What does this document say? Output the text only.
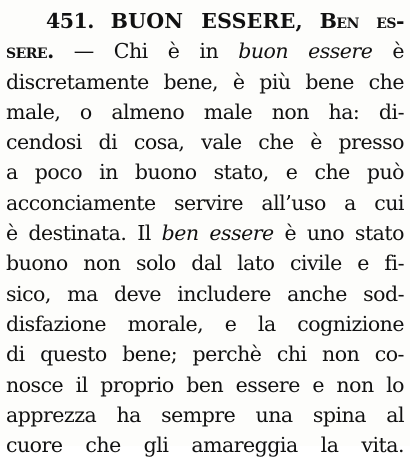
451. BUON ESSERE, Ben es-
sere. — Chi è in buon essere è
discretamente bene, è più bene che
male, o almeno male non ha: di-
cendosi di cosa, vale che è presso
a poco in buono stato, e che può
acconciamente servire all’uso a cui
è destinata. Il ben essere è uno stato
buono non solo dal lato civile e fi-
sico, ma deve includere anche sod-
disfazione morale, e la cognizione
di questo bene; perchè chi non co-
nosce il proprio ben essere e non lo
apprezza ha sempre una spina al
cuore che gli amareggia la vita.
